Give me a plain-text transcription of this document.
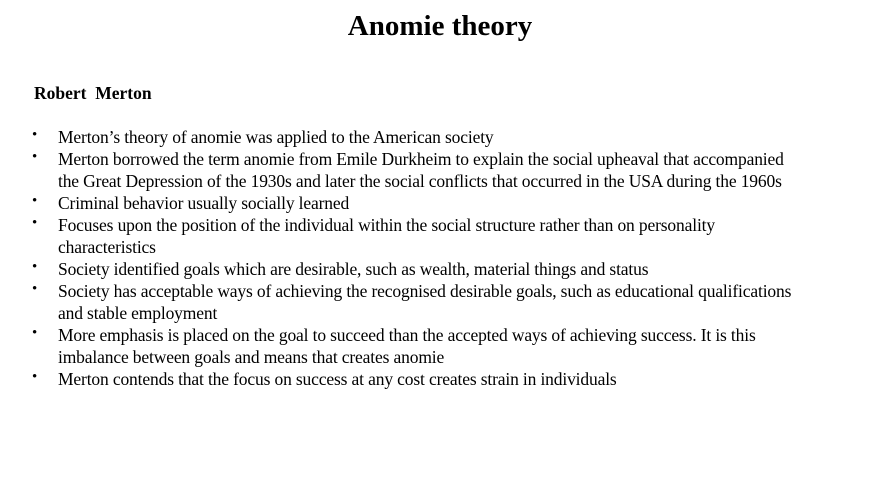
Anomie theory
Robert  Merton
• Merton’s theory of anomie was applied to the American society
• Merton borrowed the term anomie from Emile Durkheim to explain the social upheaval that accompanied
the Great Depression of the 1930s and later the social conflicts that occurred in the USA during the 1960s
• Criminal behavior usually socially learned
• Focuses upon the position of the individual within the social structure rather than on personality
characteristics
• Society identified goals which are desirable, such as wealth, material things and status
• Society has acceptable ways of achieving the recognised desirable goals, such as educational qualifications
and stable employment
• More emphasis is placed on the goal to succeed than the accepted ways of achieving success. It is this
imbalance between goals and means that creates anomie
• Merton contends that the focus on success at any cost creates strain in individuals
